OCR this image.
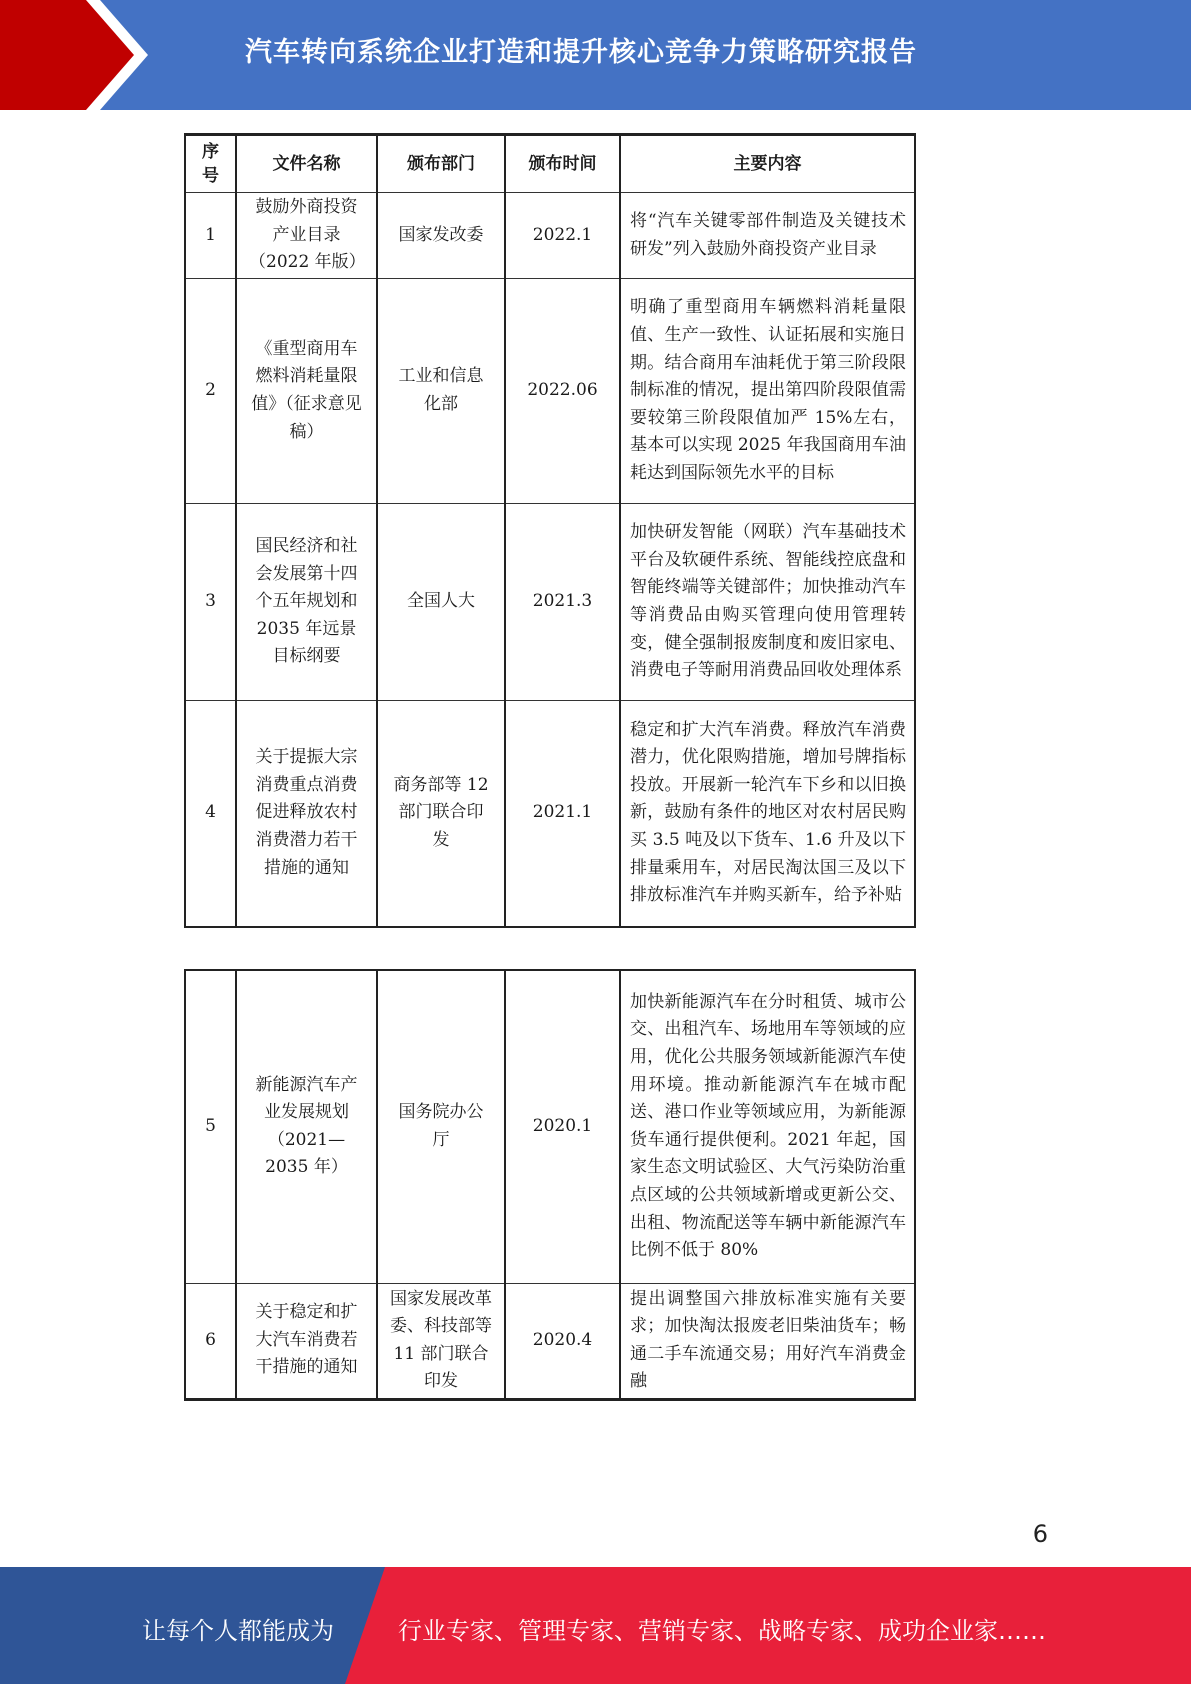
汽车转向系统企业打造和提升核心竞争力策略研究报告
序号	文件名称	颁布部门	颁布时间	主要内容
1	鼓励外商投资产业目录（2022 年版）	国家发改委	2022.1	将“汽车关键零部件制造及关键技术研发”列入鼓励外商投资产业目录
2	《重型商用车燃料消耗量限值》（征求意见稿）	工业和信息化部	2022.06	明确了重型商用车辆燃料消耗量限值、生产一致性、认证拓展和实施日期。结合商用车油耗优于第三阶段限制标准的情况，提出第四阶段限值需要较第三阶段限值加严 15%左右，基本可以实现 2025 年我国商用车油耗达到国际领先水平的目标
3	国民经济和社会发展第十四个五年规划和 2035 年远景目标纲要	全国人大	2021.3	加快研发智能（网联）汽车基础技术平台及软硬件系统、智能线控底盘和智能终端等关键部件；加快推动汽车等消费品由购买管理向使用管理转变，健全强制报废制度和废旧家电、消费电子等耐用消费品回收处理体系
4	关于提振大宗消费重点消费促进释放农村消费潜力若干措施的通知	商务部等 12 部门联合印发	2021.1	稳定和扩大汽车消费。释放汽车消费潜力，优化限购措施，增加号牌指标投放。开展新一轮汽车下乡和以旧换新，鼓励有条件的地区对农村居民购买 3.5 吨及以下货车、1.6 升及以下排量乘用车，对居民淘汰国三及以下排放标准汽车并购买新车，给予补贴
5	新能源汽车产业发展规划（2021—2035 年）	国务院办公厅	2020.1	加快新能源汽车在分时租赁、城市公交、出租汽车、场地用车等领域的应用，优化公共服务领域新能源汽车使用环境。推动新能源汽车在城市配送、港口作业等领域应用，为新能源货车通行提供便利。2021 年起，国家生态文明试验区、大气污染防治重点区域的公共领域新增或更新公交、出租、物流配送等车辆中新能源汽车比例不低于 80%
6	关于稳定和扩大汽车消费若干措施的通知	国家发展改革委、科技部等 11 部门联合印发	2020.4	提出调整国六排放标准实施有关要求；加快淘汰报废老旧柴油货车；畅通二手车流通交易；用好汽车消费金融
6
让每个人都能成为	行业专家、管理专家、营销专家、战略专家、成功企业家……
